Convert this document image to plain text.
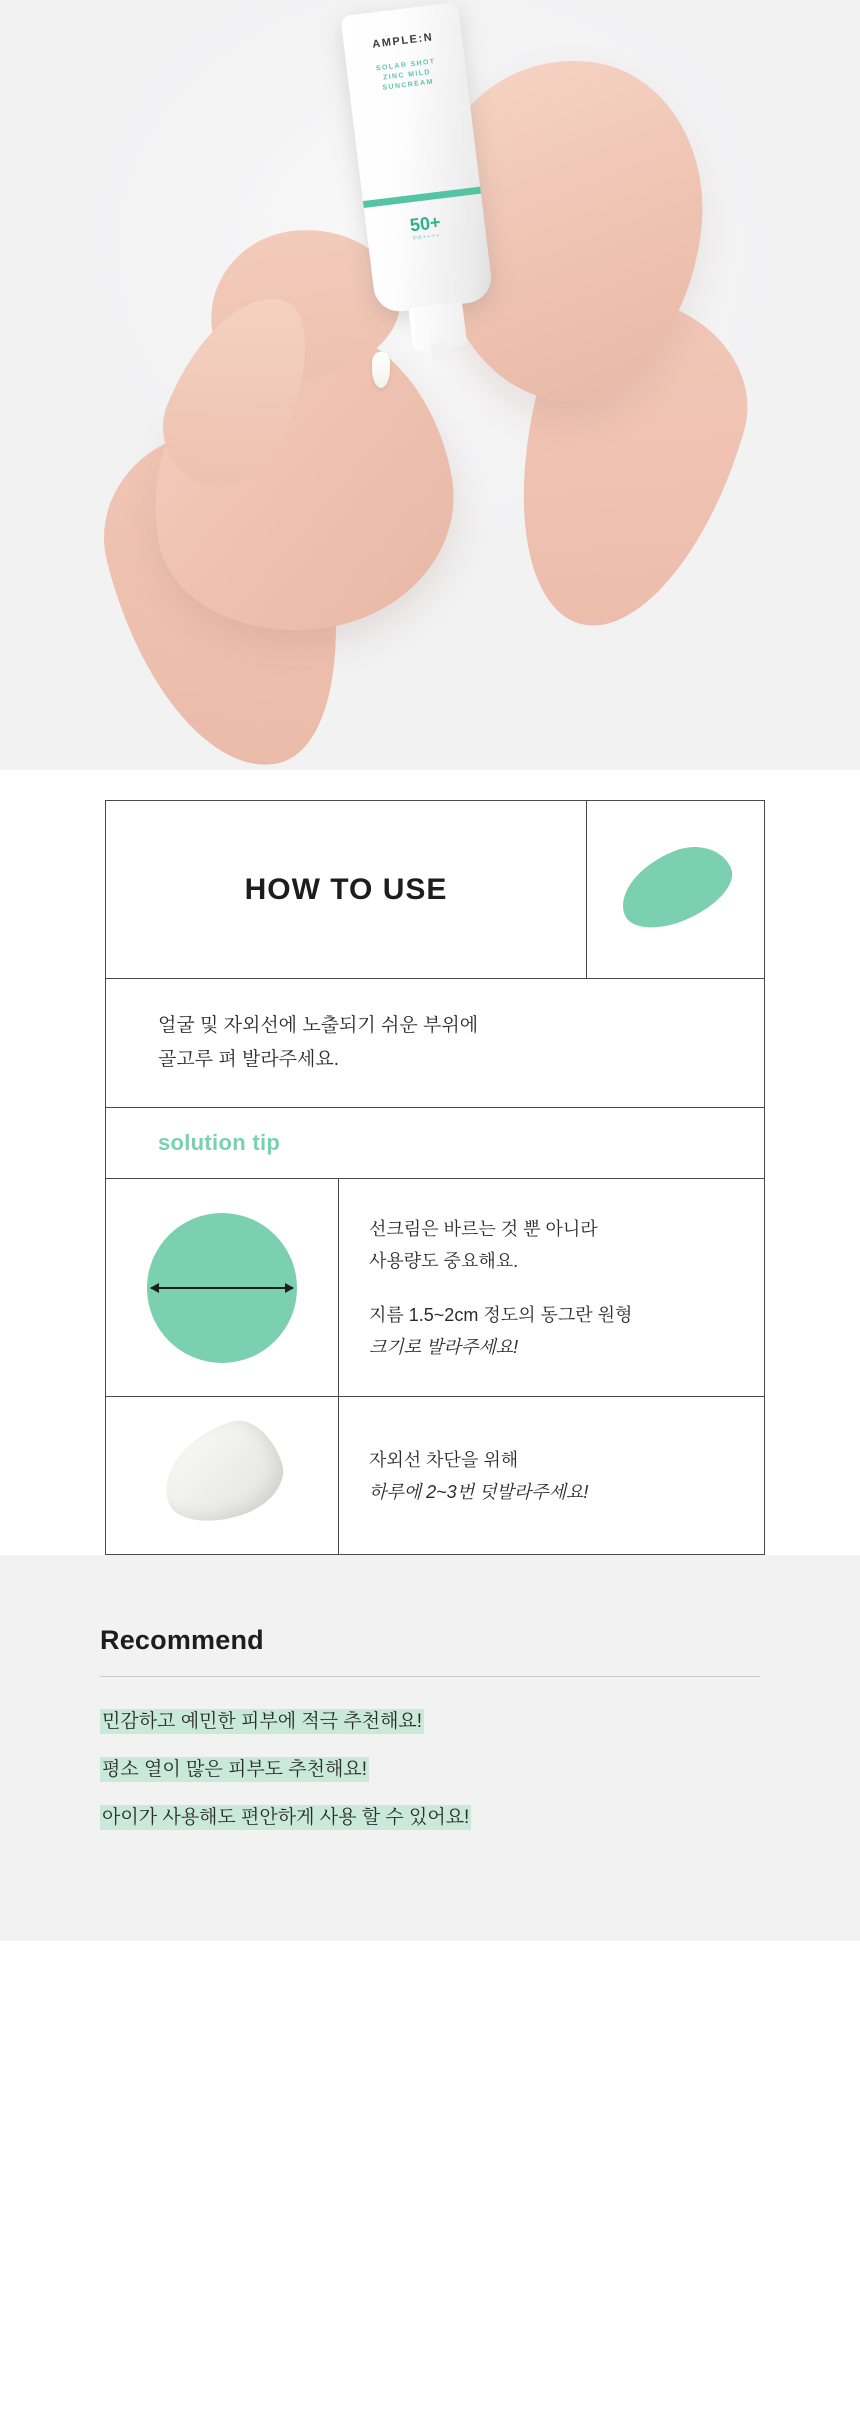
AMPLE:N
SOLAR SHOT
ZINC MILD
SUNCREAM
50+
PA++++
HOW TO USE		

얼굴 및 자외선에 노출되기 쉬운 부위에
골고루 펴 발라주세요.		

solution tip		

	선크림은 바르는 것 뿐 아니라
사용량도 중요해요.

지름 1.5~2cm 정도의 동그란 원형
크기로 발라주세요!	

	자외선 차단을 위해
하루에 2~3번 덧발라주세요!	

Recommend
민감하고 예민한 피부에 적극 추천해요!
평소 열이 많은 피부도 추천해요!
아이가 사용해도 편안하게 사용 할 수 있어요!
